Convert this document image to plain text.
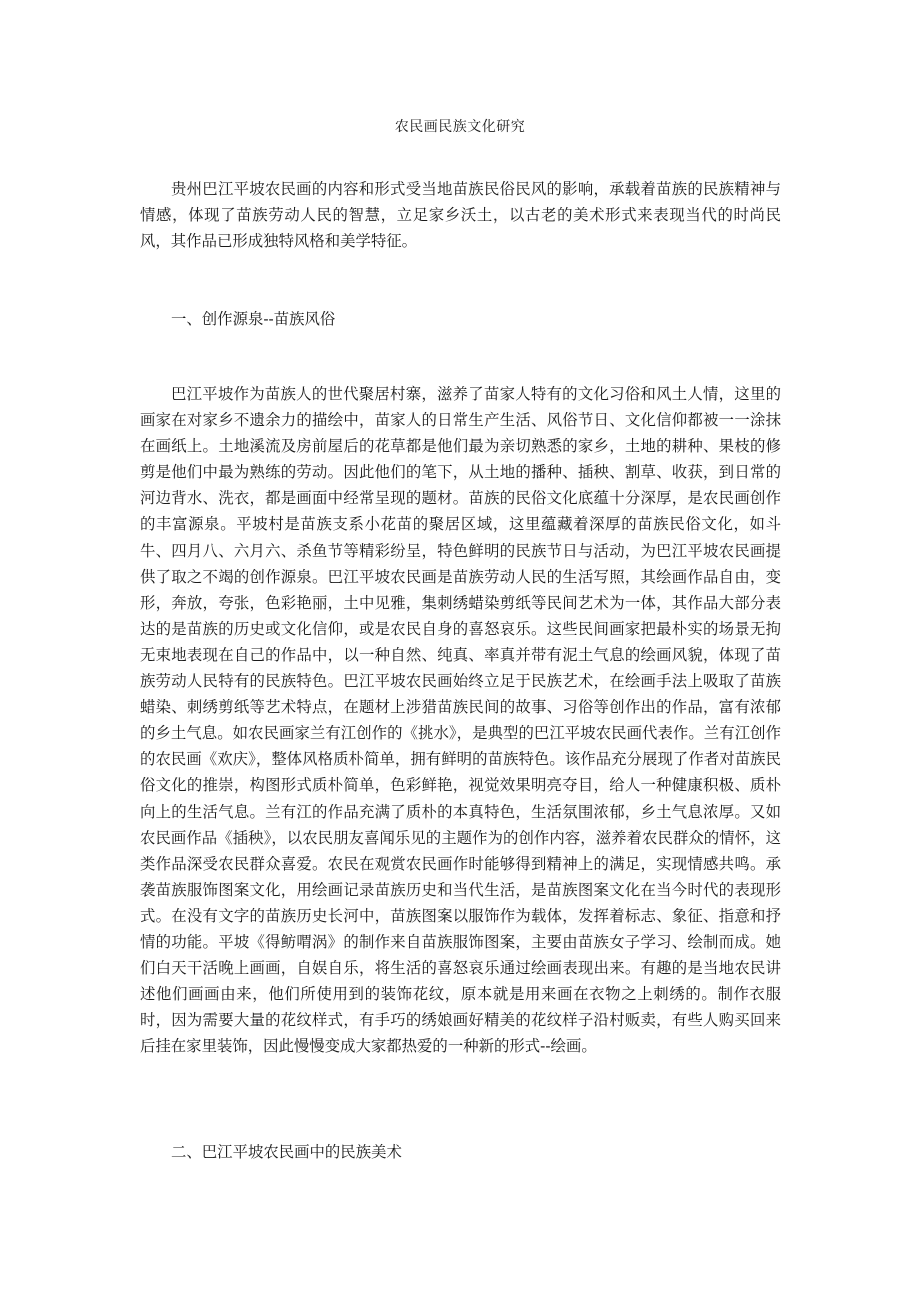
农民画民族文化研究

贵州巴江平坡农民画的内容和形式受当地苗族民俗民风的影响，承载着苗族的民族精神与情感，体现了苗族劳动人民的智慧，立足家乡沃土，以古老的美术形式来表现当代的时尚民风，其作品已形成独特风格和美学特征。

一、创作源泉--苗族风俗

巴江平坡作为苗族人的世代聚居村寨，滋养了苗家人特有的文化习俗和风土人情，这里的画家在对家乡不遗余力的描绘中，苗家人的日常生产生活、风俗节日、文化信仰都被一一涂抹在画纸上。土地溪流及房前屋后的花草都是他们最为亲切熟悉的家乡，土地的耕种、果枝的修剪是他们中最为熟练的劳动。因此他们的笔下，从土地的播种、插秧、割草、收获，到日常的河边背水、洗衣，都是画面中经常呈现的题材。苗族的民俗文化底蕴十分深厚，是农民画创作的丰富源泉。平坡村是苗族支系小花苗的聚居区域，这里蕴藏着深厚的苗族民俗文化，如斗牛、四月八、六月六、杀鱼节等精彩纷呈，特色鲜明的民族节日与活动，为巴江平坡农民画提供了取之不竭的创作源泉。巴江平坡农民画是苗族劳动人民的生活写照，其绘画作品自由，变形，奔放，夸张，色彩艳丽，土中见雅，集刺绣蜡染剪纸等民间艺术为一体，其作品大部分表达的是苗族的历史或文化信仰，或是农民自身的喜怒哀乐。这些民间画家把最朴实的场景无拘无束地表现在自己的作品中，以一种自然、纯真、率真并带有泥土气息的绘画风貌，体现了苗族劳动人民特有的民族特色。巴江平坡农民画始终立足于民族艺术，在绘画手法上吸取了苗族蜡染、刺绣剪纸等艺术特点，在题材上涉猎苗族民间的故事、习俗等创作出的作品，富有浓郁的乡土气息。如农民画家兰有江创作的《挑水》，是典型的巴江平坡农民画代表作。兰有江创作的农民画《欢庆》，整体风格质朴简单，拥有鲜明的苗族特色。该作品充分展现了作者对苗族民俗文化的推崇，构图形式质朴简单，色彩鲜艳，视觉效果明亮夺目，给人一种健康积极、质朴向上的生活气息。兰有江的作品充满了质朴的本真特色，生活氛围浓郁，乡土气息浓厚。又如农民画作品《插秧》，以农民朋友喜闻乐见的主题作为的创作内容，滋养着农民群众的情怀，这类作品深受农民群众喜爱。农民在观赏农民画作时能够得到精神上的满足，实现情感共鸣。承袭苗族服饰图案文化，用绘画记录苗族历史和当代生活，是苗族图案文化在当今时代的表现形式。在没有文字的苗族历史长河中，苗族图案以服饰作为载体，发挥着标志、象征、指意和抒情的功能。平坡《得鲂喟涡》的制作来自苗族服饰图案，主要由苗族女子学习、绘制而成。她们白天干活晚上画画，自娱自乐，将生活的喜怒哀乐通过绘画表现出来。有趣的是当地农民讲述他们画画由来，他们所使用到的装饰花纹，原本就是用来画在衣物之上刺绣的。制作衣服时，因为需要大量的花纹样式，有手巧的绣娘画好精美的花纹样子沿村贩卖，有些人购买回来后挂在家里装饰，因此慢慢变成大家都热爱的一种新的形式--绘画。

二、巴江平坡农民画中的民族美术
